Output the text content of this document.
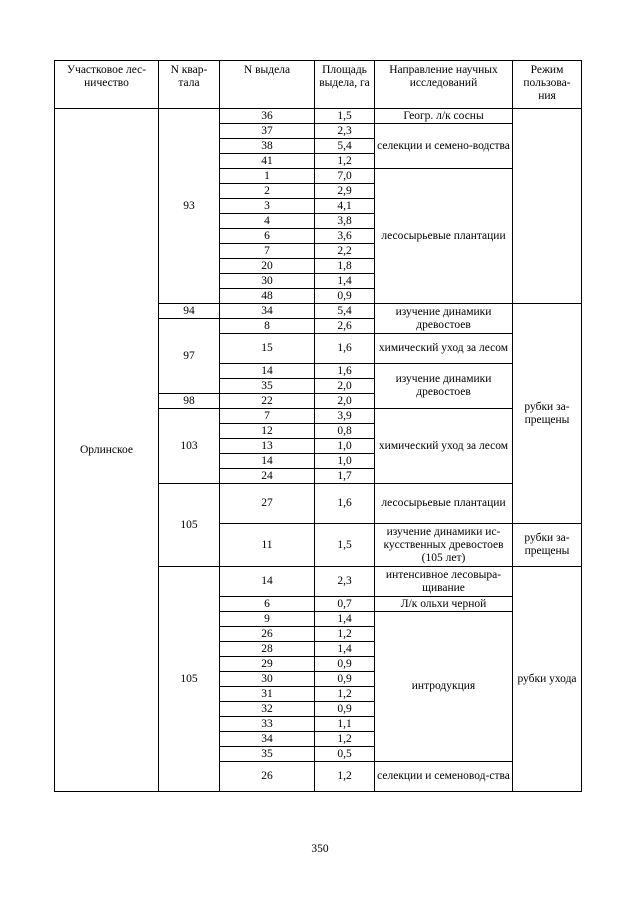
Участковое лес-ничество	N квар-тала	N выдела	Площадь выдела, га	Направление научных исследований	Режим пользова-ния	
Орлинское	93	36	1,5	Геогр. л/к сосны		
		37	2,3	селекции и семено-водства		
		38	5,4			
		41	1,2			
		1	7,0	лесосырьевые плантации		
		2	2,9			
		3	4,1			
		4	3,8			
		6	3,6			
		7	2,2			
		20	1,8			
		30	1,4			
		48	0,9			
	94	34	5,4	изучение динамики древостоев	рубки за-прещены	
	97	8	2,6			
		15	1,6	химический уход за лесом		
		14	1,6	изучение динамики древостоев		
		35	2,0			
	98	22	2,0			
	103	7	3,9	химический уход за лесом		
		12	0,8			
		13	1,0			
		14	1,0			
		24	1,7			
	105	27	1,6	лесосырьевые плантации	
		11	1,5	изучение динамики ис-кусственных древостоев (105 лет)	рубки за-прещены	
	105	14	2,3	интенсивное лесовыра-щивание	рубки ухода	
		6	0,7	Л/к ольхи черной		
		9	1,4	интродукция		
		26	1,2			
		28	1,4			
		29	0,9			
		30	0,9			
		31	1,2			
		32	0,9			
		33	1,1			
		34	1,2			
		35	0,5			
		26	1,2	селекции и семеновод-ства	
350
